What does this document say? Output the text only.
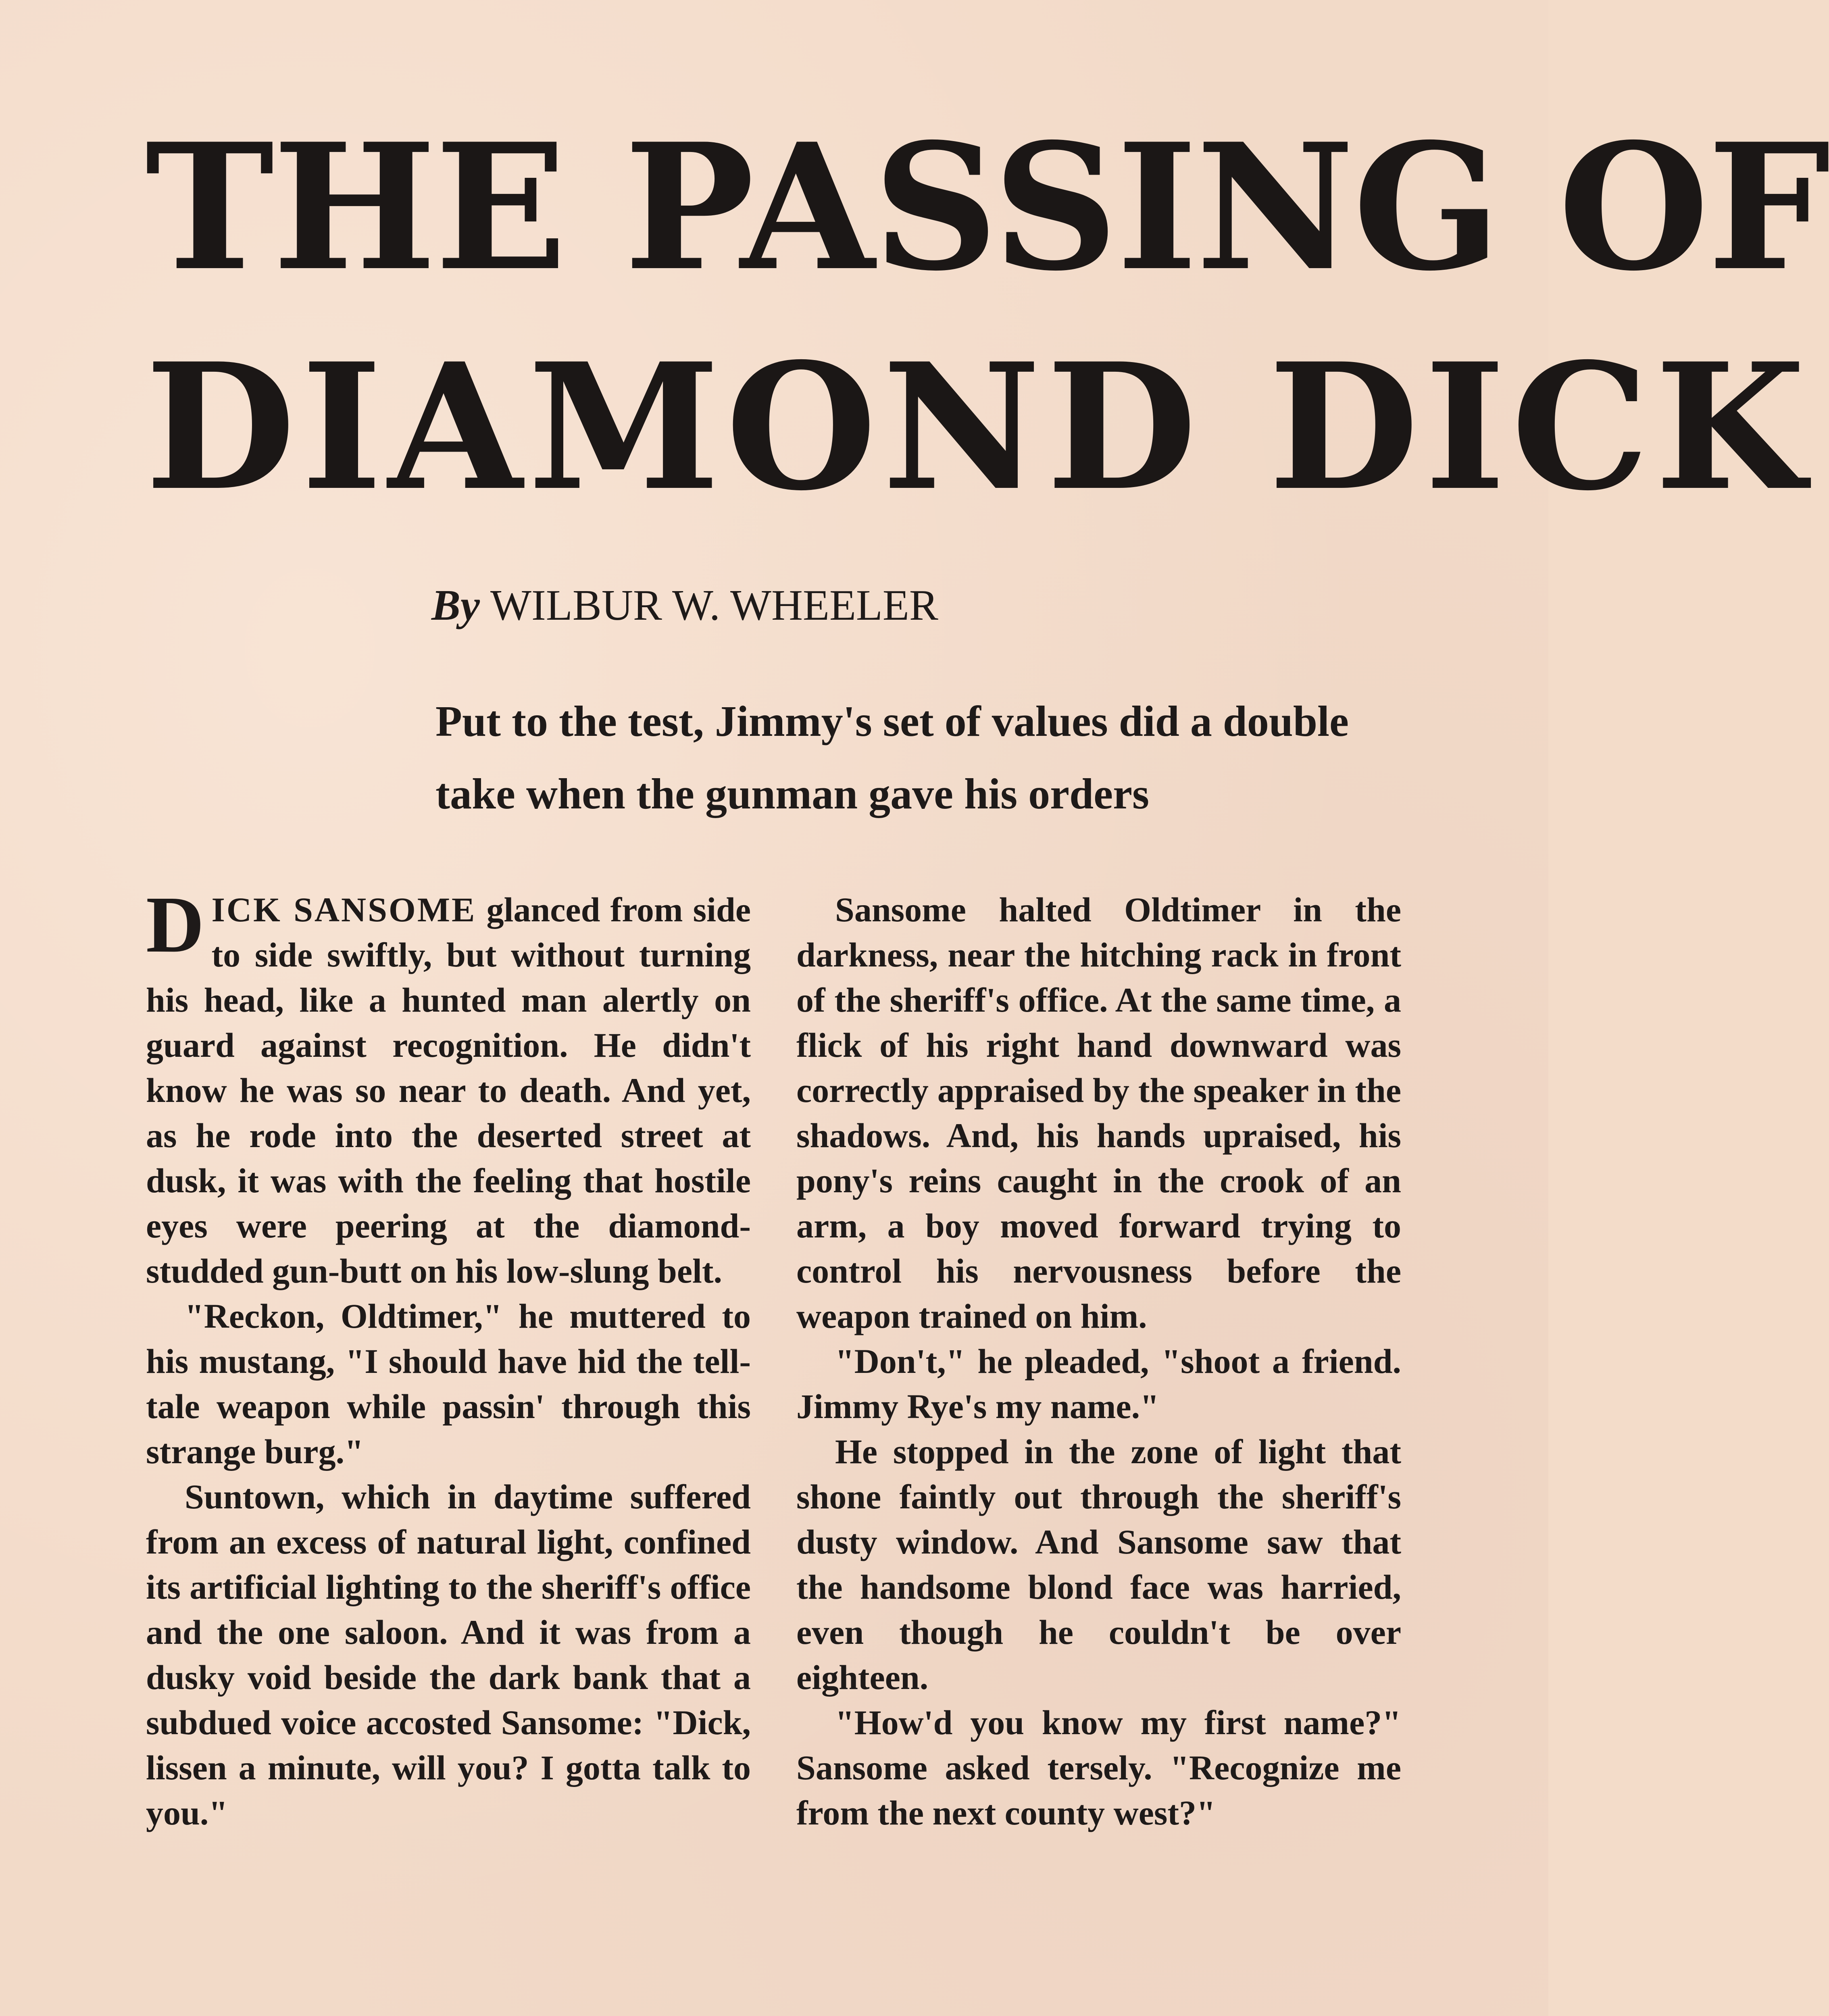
THE PASSING OF
DIAMOND DICK
By WILBUR W. WHEELER
Put to the test, Jimmy's set of values did a double take when the gunman gave his orders

DICK SANSOME glanced from side to side swiftly, but without turning his head, like a hunted man alertly on guard against recognition. He didn't know he was so near to death. And yet, as he rode into the deserted street at dusk, it was with the feeling that hostile eyes were peering at the diamond-studded gun-butt on his low-slung belt.

"Reckon, Oldtimer," he muttered to his mustang, "I should have hid the tell-tale weapon while passin' through this strange burg."

Suntown, which in daytime suffered from an excess of natural light, confined its artificial lighting to the sheriff's office and the one saloon. And it was from a dusky void beside the dark bank that a subdued voice accosted Sansome: "Dick, lissen a minute, will you? I gotta talk to you."

Sansome halted Oldtimer in the darkness, near the hitching rack in front of the sheriff's office. At the same time, a flick of his right hand downward was correctly appraised by the speaker in the shadows. And, his hands upraised, his pony's reins caught in the crook of an arm, a boy moved forward trying to control his nervousness before the weapon trained on him.

"Don't," he pleaded, "shoot a friend. Jimmy Rye's my name."

He stopped in the zone of light that shone faintly out through the sheriff's dusty window. And Sansome saw that the handsome blond face was harried, even though he couldn't be over eighteen.

"How'd you know my first name?" Sansome asked tersely. "Recognize me from the next county west?"
